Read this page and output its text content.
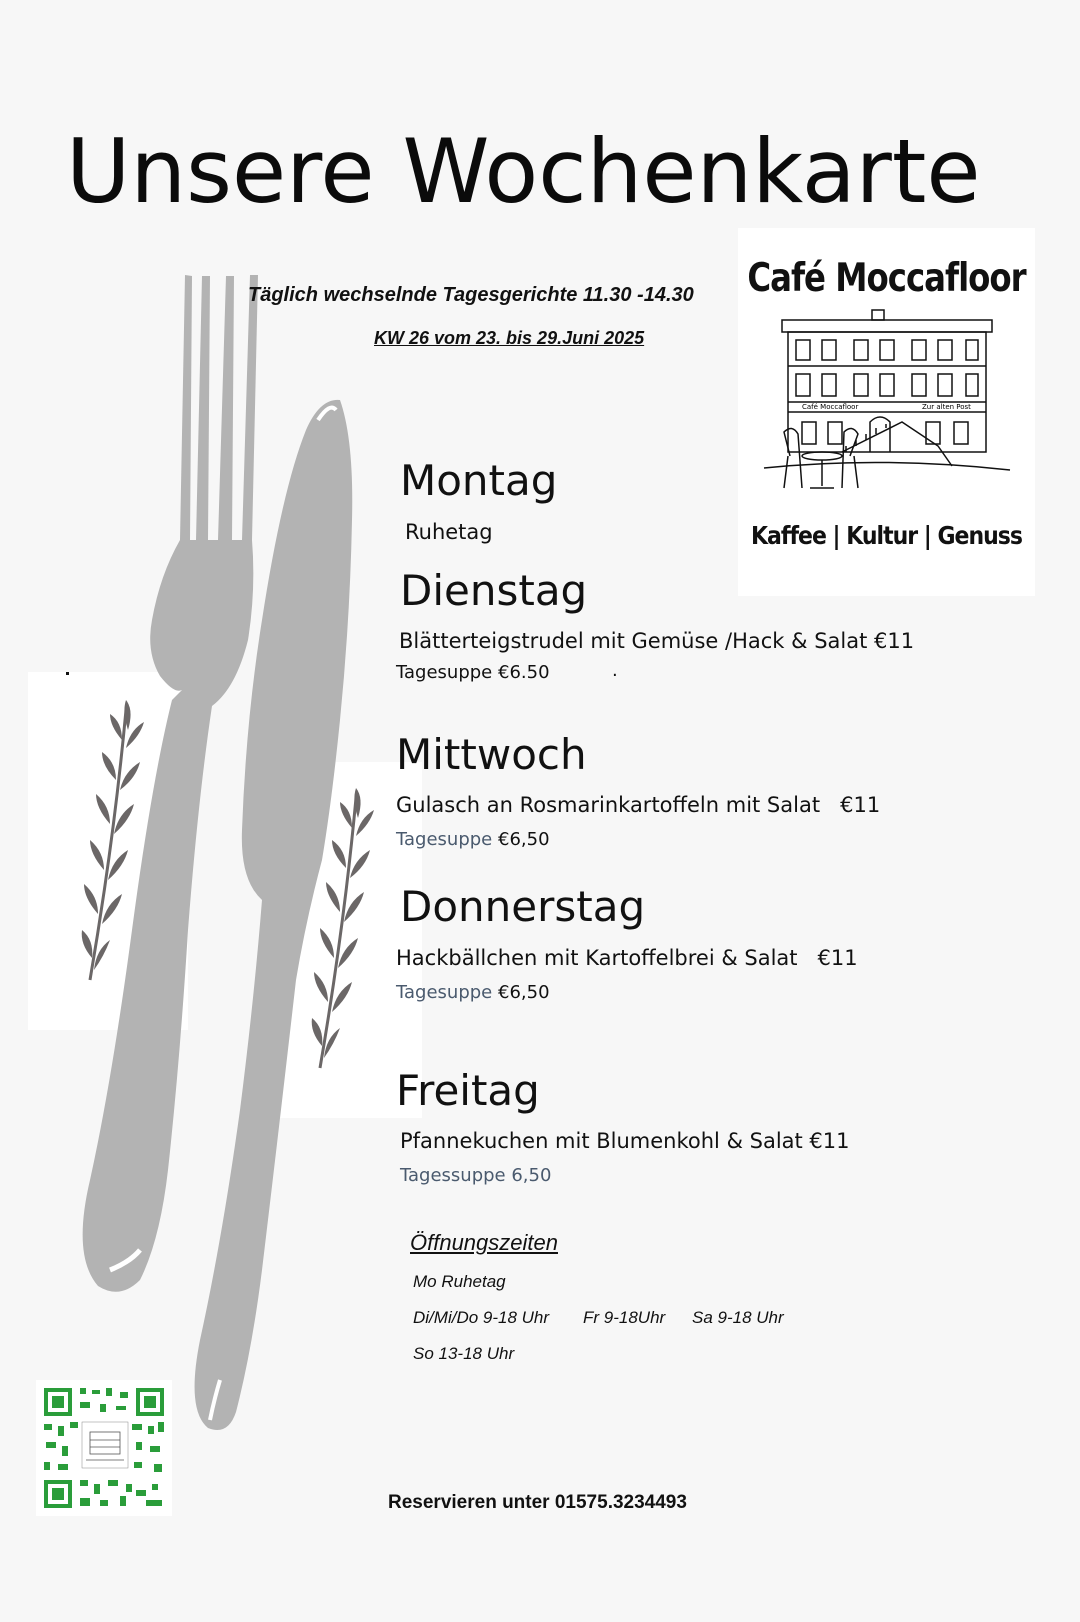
Unsere Wochenkarte
Täglich wechselnde Tagesgerichte 11.30 -14.30
KW 26 vom 23. bis 29.Juni 2025
Café Moccafloor
Café Moccafloor	Zur alten Post
Kaffee | Kultur | Genuss
Montag
Ruhetag
Dienstag
Blätterteigstrudel mit Gemüse /Hack & Salat €11
Tagesuppe €6.50	.
Mittwoch
Gulasch an Rosmarinkartoffeln mit Salat   €11
Tagesuppe €6,50
Donnerstag
Hackbällchen mit Kartoffelbrei & Salat   €11
Tagesuppe €6,50
Freitag
Pfannekuchen mit Blumenkohl & Salat €11
Tagessuppe 6,50
Öffnungszeiten
Mo Ruhetag
Di/Mi/Do 9-18 Uhr Fr 9-18Uhr Sa 9-18 Uhr
So 13-18 Uhr
Reservieren unter 01575.3234493
